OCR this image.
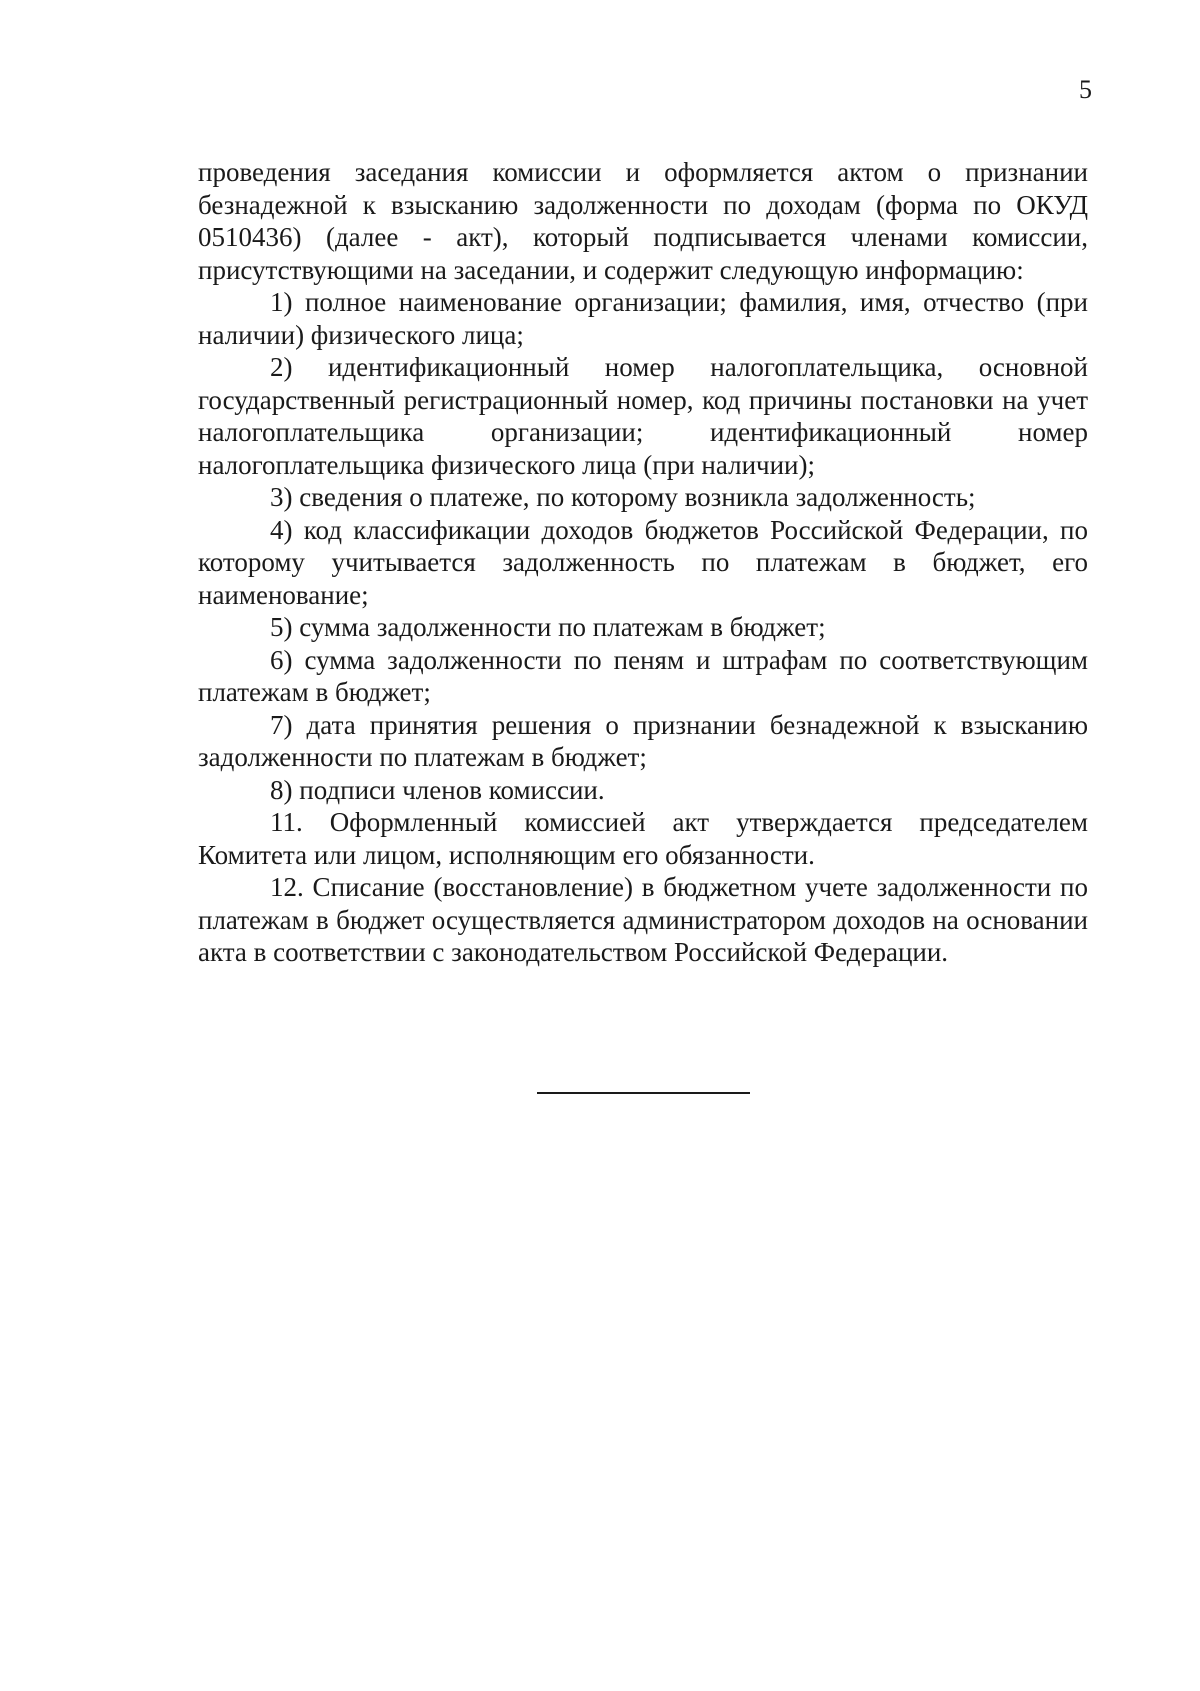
5

проведения заседания комиссии и оформляется актом о признании безнадежной к взысканию задолженности по доходам (форма по ОКУД 0510436) (далее - акт), который подписывается членами комиссии, присутствующими на заседании, и содержит следующую информацию:

1) полное наименование организации; фамилия, имя, отчество (при наличии) физического лица;

2) идентификационный номер налогоплательщика, основной государственный регистрационный номер, код причины постановки на учет налогоплательщика организации; идентификационный номер налогоплательщика физического лица (при наличии);

3) сведения о платеже, по которому возникла задолженность;

4) код классификации доходов бюджетов Российской Федерации, по которому учитывается задолженность по платежам в бюджет, его наименование;

5) сумма задолженности по платежам в бюджет;

6) сумма задолженности по пеням и штрафам по соответствующим платежам в бюджет;

7) дата принятия решения о признании безнадежной к взысканию задолженности по платежам в бюджет;

8) подписи членов комиссии.

11. Оформленный комиссией акт утверждается председателем Комитета или лицом, исполняющим его обязанности.

12. Списание (восстановление) в бюджетном учете задолженности по платежам в бюджет осуществляется администратором доходов на основании акта в соответствии с законодательством Российской Федерации.
